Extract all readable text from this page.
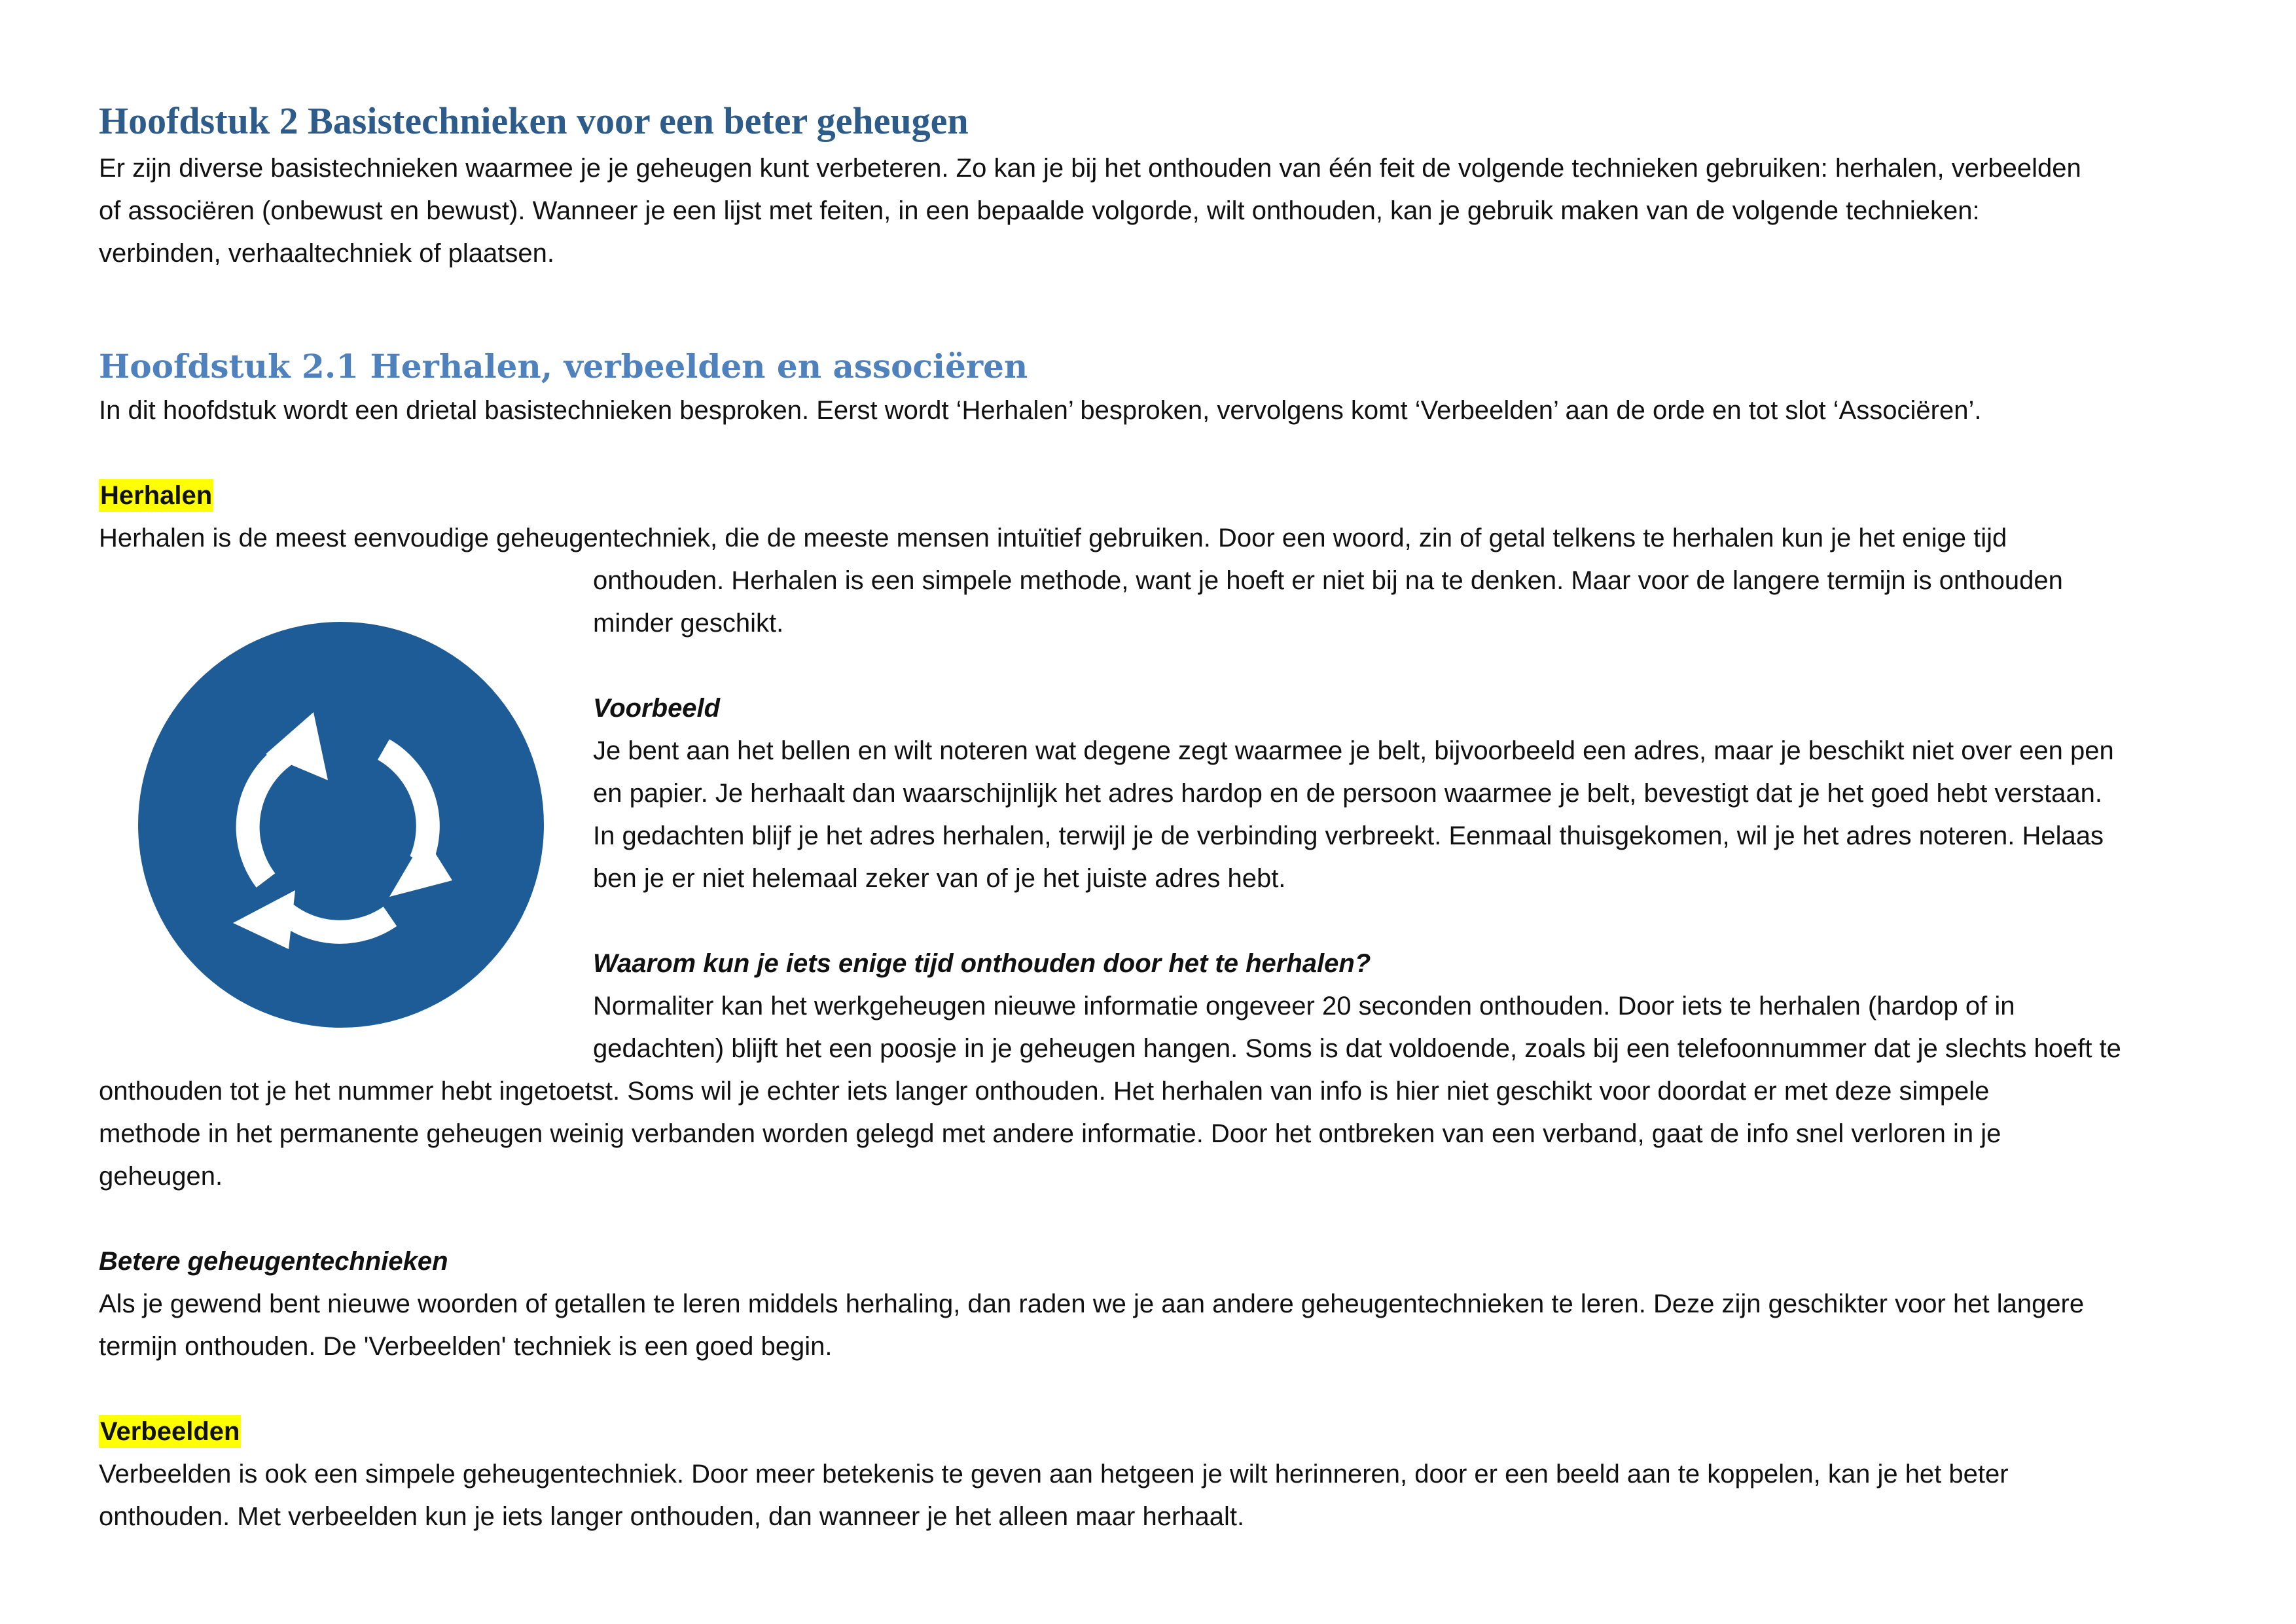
Hoofdstuk 2 Basistechnieken voor een beter geheugen

Er zijn diverse basistechnieken waarmee je je geheugen kunt verbeteren. Zo kan je bij het onthouden van één feit de volgende technieken gebruiken: herhalen, verbeelden

of associëren (onbewust en bewust). Wanneer je een lijst met feiten, in een bepaalde volgorde, wilt onthouden, kan je gebruik maken van de volgende technieken:

verbinden, verhaaltechniek of plaatsen.

Hoofdstuk 2.1 Herhalen, verbeelden en associëren

In dit hoofdstuk wordt een drietal basistechnieken besproken. Eerst wordt ‘Herhalen’ besproken, vervolgens komt ‘Verbeelden’ aan de orde en tot slot ‘Associëren’.

Herhalen

Herhalen is de meest eenvoudige geheugentechniek, die de meeste mensen intuïtief gebruiken. Door een woord, zin of getal telkens te herhalen kun je het enige tijd

onthouden. Herhalen is een simpele methode, want je hoeft er niet bij na te denken. Maar voor de langere termijn is onthouden

minder geschikt.

Voorbeeld

Je bent aan het bellen en wilt noteren wat degene zegt waarmee je belt, bijvoorbeeld een adres, maar je beschikt niet over een pen

en papier. Je herhaalt dan waarschijnlijk het adres hardop en de persoon waarmee je belt, bevestigt dat je het goed hebt verstaan.

In gedachten blijf je het adres herhalen, terwijl je de verbinding verbreekt. Eenmaal thuisgekomen, wil je het adres noteren. Helaas

ben je er niet helemaal zeker van of je het juiste adres hebt.

Waarom kun je iets enige tijd onthouden door het te herhalen?

Normaliter kan het werkgeheugen nieuwe informatie ongeveer 20 seconden onthouden. Door iets te herhalen (hardop of in

gedachten) blijft het een poosje in je geheugen hangen. Soms is dat voldoende, zoals bij een telefoonnummer dat je slechts hoeft te

onthouden tot je het nummer hebt ingetoetst. Soms wil je echter iets langer onthouden. Het herhalen van info is hier niet geschikt voor doordat er met deze simpele

methode in het permanente geheugen weinig verbanden worden gelegd met andere informatie. Door het ontbreken van een verband, gaat de info snel verloren in je

geheugen.

Betere geheugentechnieken

Als je gewend bent nieuwe woorden of getallen te leren middels herhaling, dan raden we je aan andere geheugentechnieken te leren. Deze zijn geschikter voor het langere

termijn onthouden. De 'Verbeelden' techniek is een goed begin.

Verbeelden

Verbeelden is ook een simpele geheugentechniek. Door meer betekenis te geven aan hetgeen je wilt herinneren, door er een beeld aan te koppelen, kan je het beter

onthouden. Met verbeelden kun je iets langer onthouden, dan wanneer je het alleen maar herhaalt.
